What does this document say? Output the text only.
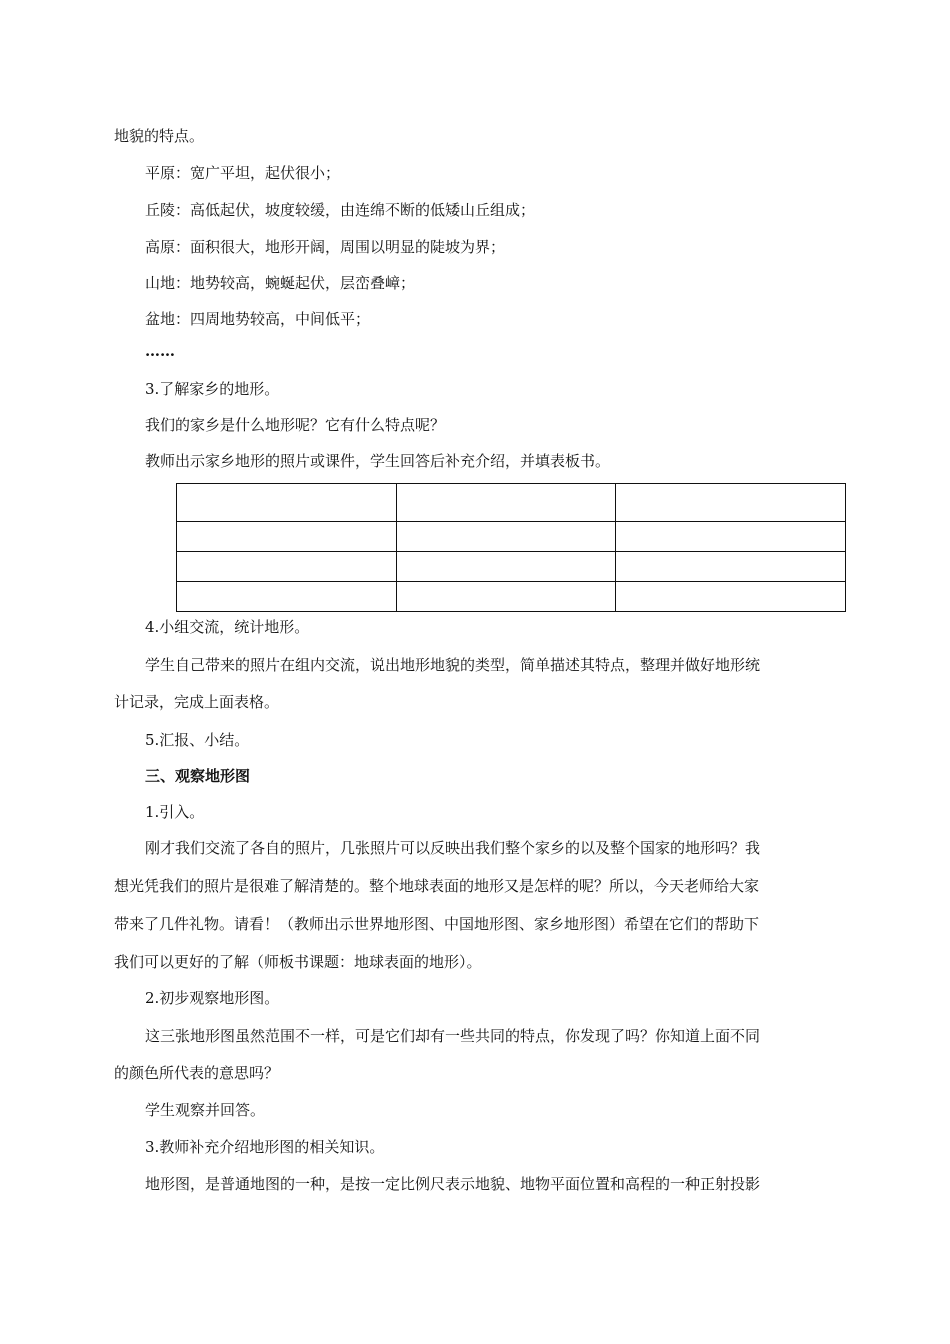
地貌的特点。
平原：宽广平坦，起伏很小；
丘陵：高低起伏，坡度较缓，由连绵不断的低矮山丘组成；
高原：面积很大，地形开阔，周围以明显的陡坡为界；
山地：地势较高，蜿蜒起伏，层峦叠嶂；
盆地：四周地势较高，中间低平；
……
3.了解家乡的地形。
我们的家乡是什么地形呢？它有什么特点呢？
教师出示家乡地形的照片或课件，学生回答后补充介绍，并填表板书。

4.小组交流，统计地形。
学生自己带来的照片在组内交流，说出地形地貌的类型，简单描述其特点，整理并做好地形统
计记录，完成上面表格。
5.汇报、小结。
三、观察地形图
1.引入。
刚才我们交流了各自的照片，几张照片可以反映出我们整个家乡的以及整个国家的地形吗？我
想光凭我们的照片是很难了解清楚的。整个地球表面的地形又是怎样的呢？所以，今天老师给大家
带来了几件礼物。请看！（教师出示世界地形图、中国地形图、家乡地形图）希望在它们的帮助下
我们可以更好的了解（师板书课题：地球表面的地形）。
2.初步观察地形图。
这三张地形图虽然范围不一样，可是它们却有一些共同的特点，你发现了吗？你知道上面不同
的颜色所代表的意思吗？
学生观察并回答。
3.教师补充介绍地形图的相关知识。
地形图，是普通地图的一种，是按一定比例尺表示地貌、地物平面位置和高程的一种正射投影
